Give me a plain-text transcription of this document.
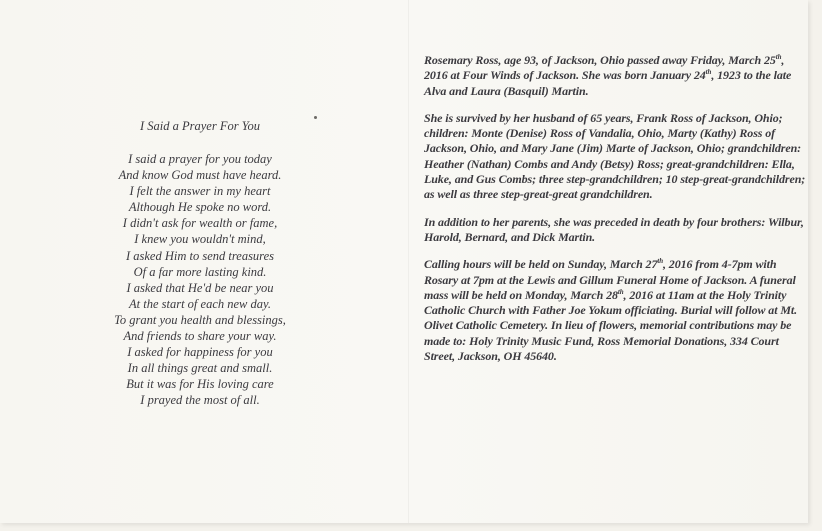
I Said a Prayer For You
I said a prayer for you today
And know God must have heard.
I felt the answer in my heart
Although He spoke no word.
I didn't ask for wealth or fame,
I knew you wouldn't mind,
I asked Him to send treasures
Of a far more lasting kind.
I asked that He'd be near you
At the start of each new day.
To grant you health and blessings,
And friends to share your way.
I asked for happiness for you
In all things great and small.
But it was for His loving care
I prayed the most of all.

Rosemary Ross, age 93, of Jackson, Ohio passed away Friday, March 25th, 2016 at Four Winds of Jackson. She was born January 24th, 1923 to the late Alva and Laura (Basquil) Martin.

She is survived by her husband of 65 years, Frank Ross of Jackson, Ohio; children: Monte (Denise) Ross of Vandalia, Ohio, Marty (Kathy) Ross of Jackson, Ohio, and Mary Jane (Jim) Marte of Jackson, Ohio; grandchildren: Heather (Nathan) Combs and Andy (Betsy) Ross; great-grandchildren: Ella, Luke, and Gus Combs; three step-grandchildren; 10 step-great-grandchildren; as well as three step-great-great grandchildren.

In addition to her parents, she was preceded in death by four brothers: Wilbur, Harold, Bernard, and Dick Martin.

Calling hours will be held on Sunday, March 27th, 2016 from 4-7pm with Rosary at 7pm at the Lewis and Gillum Funeral Home of Jackson. A funeral mass will be held on Monday, March 28th, 2016 at 11am at the Holy Trinity Catholic Church with Father Joe Yokum officiating. Burial will follow at Mt. Olivet Catholic Cemetery. In lieu of flowers, memorial contributions may be made to: Holy Trinity Music Fund, Ross Memorial Donations, 334 Court Street, Jackson, OH 45640.
